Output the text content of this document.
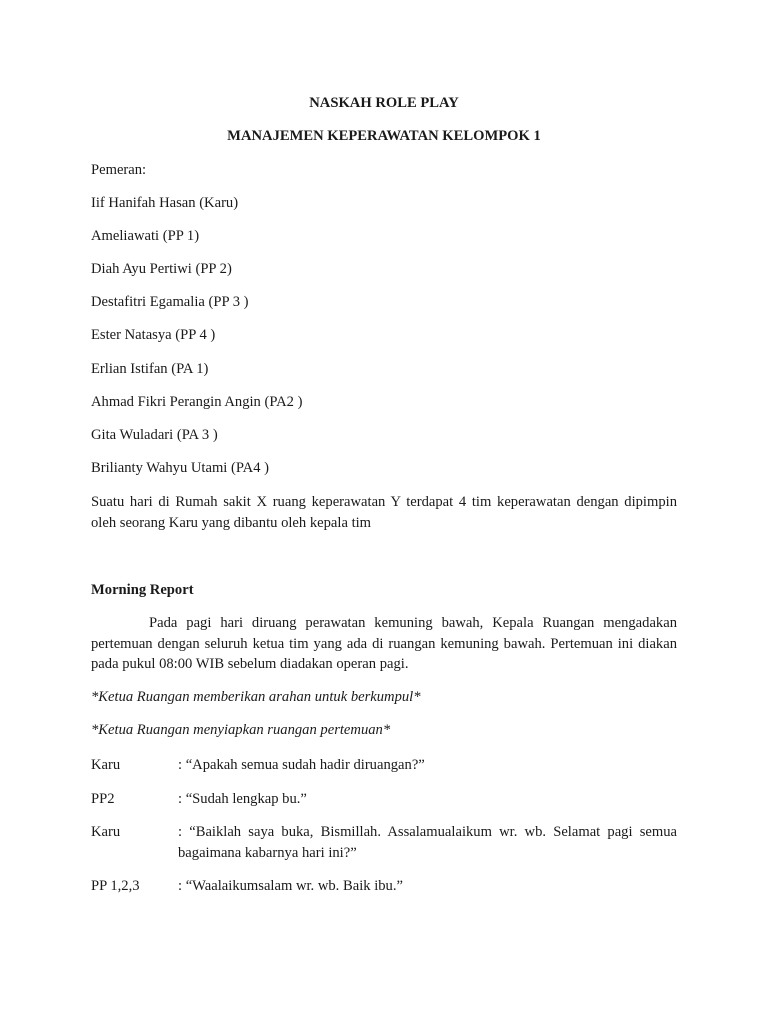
NASKAH ROLE PLAY
MANAJEMEN KEPERAWATAN KELOMPOK 1
Pemeran:
Iif Hanifah Hasan (Karu)
Ameliawati (PP 1)
Diah Ayu Pertiwi (PP 2)
Destafitri Egamalia (PP 3 )
Ester Natasya (PP 4 )
Erlian Istifan (PA 1)
Ahmad Fikri Perangin Angin (PA2 )
Gita Wuladari (PA 3 )
Brilianty Wahyu Utami (PA4 )
Suatu hari di Rumah sakit X ruang keperawatan Y terdapat 4 tim keperawatan dengan dipimpin oleh seorang Karu yang dibantu oleh kepala tim
Morning Report
Pada pagi hari diruang perawatan kemuning bawah, Kepala Ruangan mengadakan pertemuan dengan seluruh ketua tim yang ada di ruangan kemuning bawah. Pertemuan ini diakan pada pukul 08:00 WIB sebelum diadakan operan pagi.
*Ketua Ruangan memberikan arahan untuk berkumpul*
*Ketua Ruangan menyiapkan ruangan pertemuan*
Karu	: “Apakah semua sudah hadir diruangan?”
PP2	: “Sudah lengkap bu.”
Karu	: “Baiklah saya buka, Bismillah. Assalamualaikum wr. wb. Selamat pagi semua bagaimana kabarnya hari ini?”
PP 1,2,3	: “Waalaikumsalam wr. wb. Baik ibu.”
